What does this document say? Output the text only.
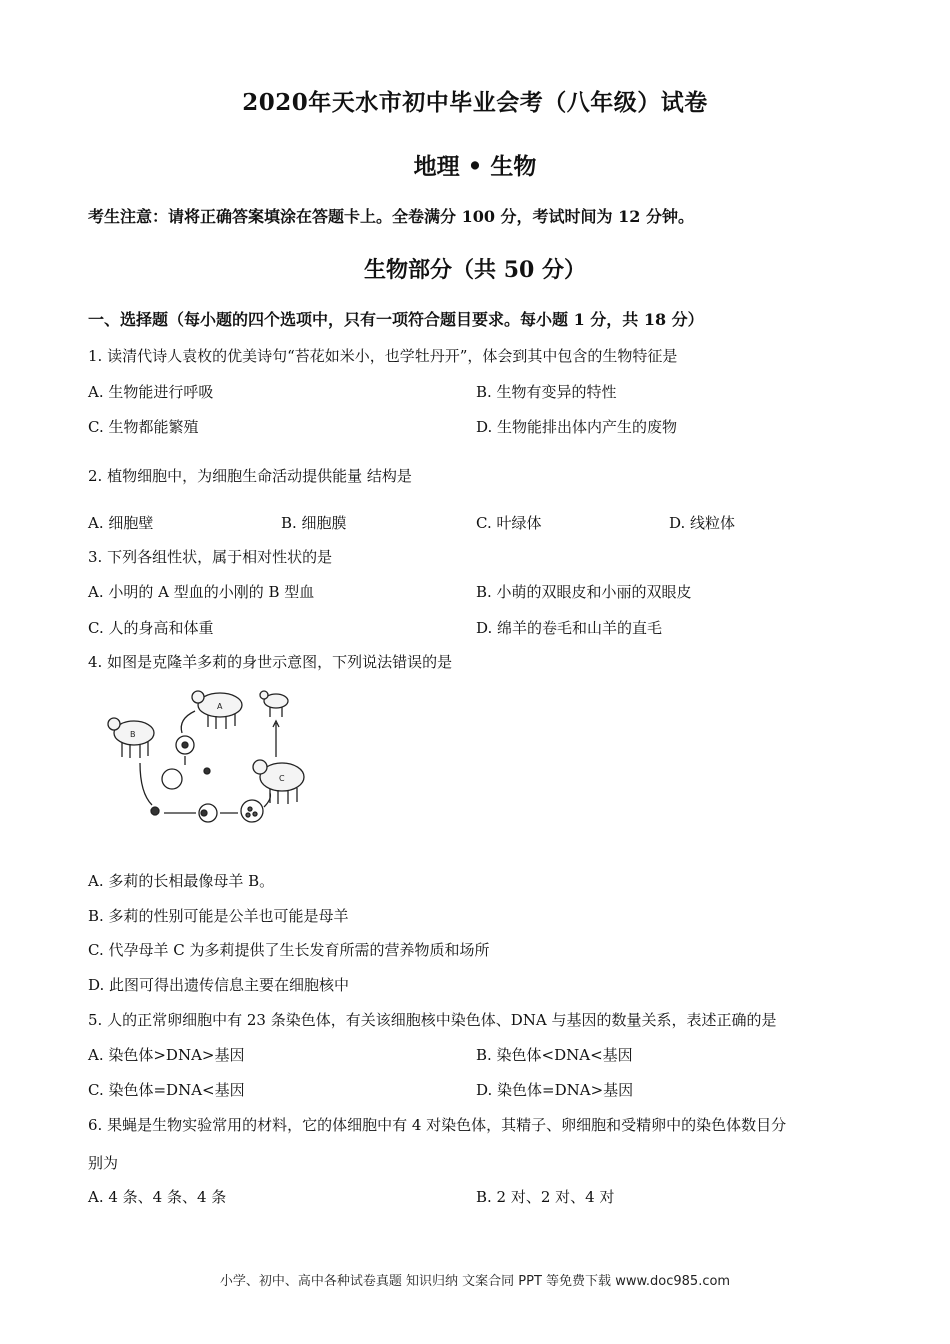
2020年天水市初中毕业会考（八年级）试卷
地理 • 生物
考生注意：请将正确答案填涂在答题卡上。全卷满分 100 分，考试时间为 12 分钟。
生物部分（共 50 分）
一、选择题（每小题的四个选项中，只有一项符合题目要求。每小题 1 分，共 18 分）
1. 读清代诗人袁枚的优美诗句“苔花如米小，也学牡丹开”，体会到其中包含的生物特征是
A. 生物能进行呼吸	B. 生物有变异的特性
C. 生物都能繁殖	D. 生物能排出体内产生的废物
2. 植物细胞中，为细胞生命活动提供能量 结构是
A. 细胞壁	B. 细胞膜	C. 叶绿体	D. 线粒体
3. 下列各组性状，属于相对性状的是
A. 小明的 A 型血的小刚的 B 型血	B. 小萌的双眼皮和小丽的双眼皮
C. 人的身高和体重	D. 绵羊的卷毛和山羊的直毛
4. 如图是克隆羊多莉的身世示意图，下列说法错误的是
B
A
C
A. 多莉的长相最像母羊 B。
B. 多莉的性别可能是公羊也可能是母羊
C. 代孕母羊 C 为多莉提供了生长发育所需的营养物质和场所
D. 此图可得出遗传信息主要在细胞核中
5. 人的正常卵细胞中有 23 条染色体，有关该细胞核中染色体、DNA 与基因的数量关系，表述正确的是
A. 染色体>DNA>基因	B. 染色体<DNA<基因
C. 染色体=DNA<基因	D. 染色体=DNA>基因
6. 果蝇是生物实验常用的材料，它的体细胞中有 4 对染色体，其精子、卵细胞和受精卵中的染色体数目分
别为
A. 4 条、4 条、4 条	B. 2 对、2 对、4 对
小学、初中、高中各种试卷真题 知识归纳 文案合同 PPT 等免费下载 www.doc985.com
